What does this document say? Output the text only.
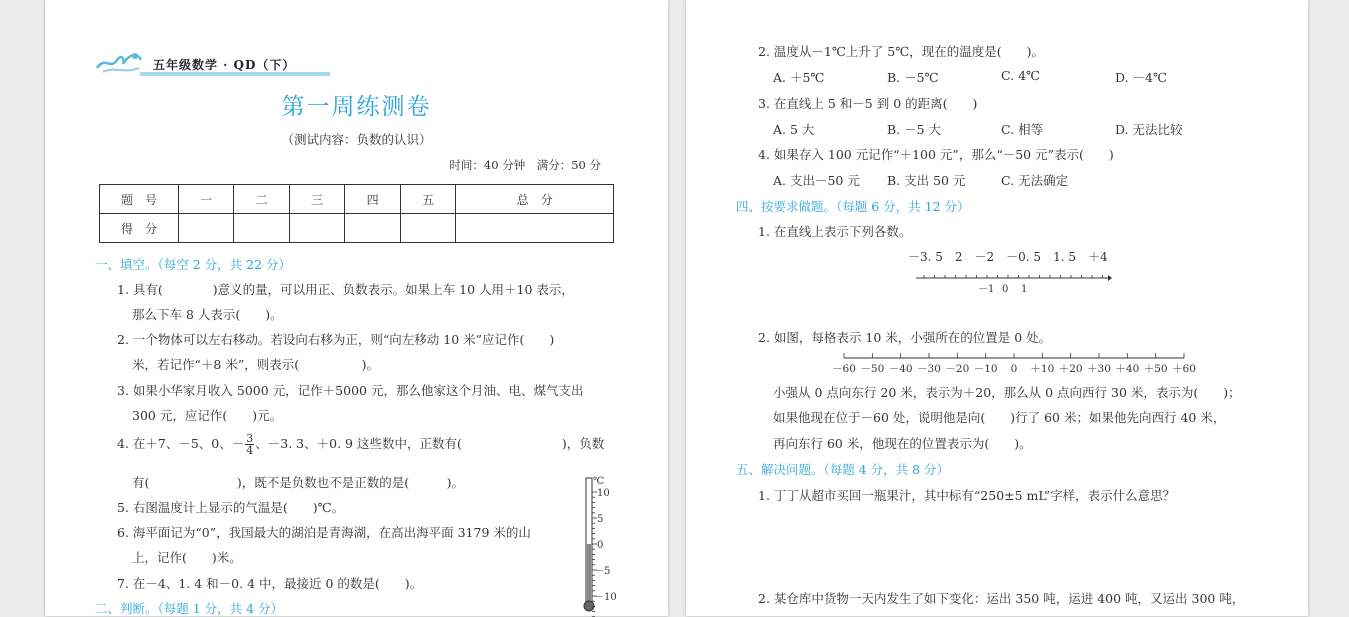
五年级数学 · QD（下）
第一周练测卷
（测试内容：负数的认识）
时间：40 分钟　满分：50 分
题　号	一	二	三	四	五	总　分
得　分						
一、填空。（每空 2 分，共 22 分）
1. 具有(　　　　)意义的量，可以用正、负数表示。如果上车 10 人用＋10 表示，
那么下车 8 人表示(　　)。
2. 一个物体可以左右移动。若设向右移为正，则“向左移动 10 米”应记作(　　)
米，若记作“＋8 米”，则表示(　　　　　)。
3. 如果小华家月收入 5000 元，记作＋5000 元，那么他家这个月油、电、煤气支出
300 元，应记作(　　)元。
4. 在＋7、－5、0、－ $\frac{3}{4}$ 、－3. 3、＋0. 9 这些数中，正数有(　　　　　　　　)，负数
有(　　　　　　　)，既不是负数也不是正数的是(　　　)。
5. 右图温度计上显示的气温是(　　)℃。
6. 海平面记为“0”，我国最大的湖泊是青海湖，在高出海平面 3179 米的山
上，记作(　　)米。
7. 在－4、1. 4 和－0. 4 中，最接近 0 的数是(　　)。
二、判断。（每题 1 分，共 4 分）
℃
10
5
0
－5
－10
2. 温度从－1℃上升了 5℃，现在的温度是(　　)。
A. ＋5℃	B. －5℃	C. 4℃	D. －4℃
3. 在直线上 5 和－5 到 0 的距离(　　)
A. 5 大	B. －5 大	C. 相等	D. 无法比较
4. 如果存入 100 元记作“＋100 元”，那么“－50 元”表示(　　)
A. 支出－50 元 B. 支出 50 元	C. 无法确定
四、按要求做题。（每题 6 分，共 12 分）
1. 在直线上表示下列各数。
－3. 5　2　－2　－0. 5　1. 5　＋4
－1 0 1
2. 如图，每格表示 10 米，小强所在的位置是 0 处。
－60 －50 －40 －30 －20 －10 0 ＋10 ＋20 ＋30 ＋40 ＋50 ＋60
小强从 0 点向东行 20 米，表示为＋20，那么从 0 点向西行 30 米，表示为(　　)；
如果他现在位于－60 处，说明他是向(　　)行了 60 米；如果他先向西行 40 米，
再向东行 60 米，他现在的位置表示为(　　)。
五、解决问题。（每题 4 分，共 8 分）
1. 丁丁从超市买回一瓶果汁，其中标有“250±5 mL”字样，表示什么意思？
2. 某仓库中货物一天内发生了如下变化：运出 350 吨，运进 400 吨，又运出 300 吨，
